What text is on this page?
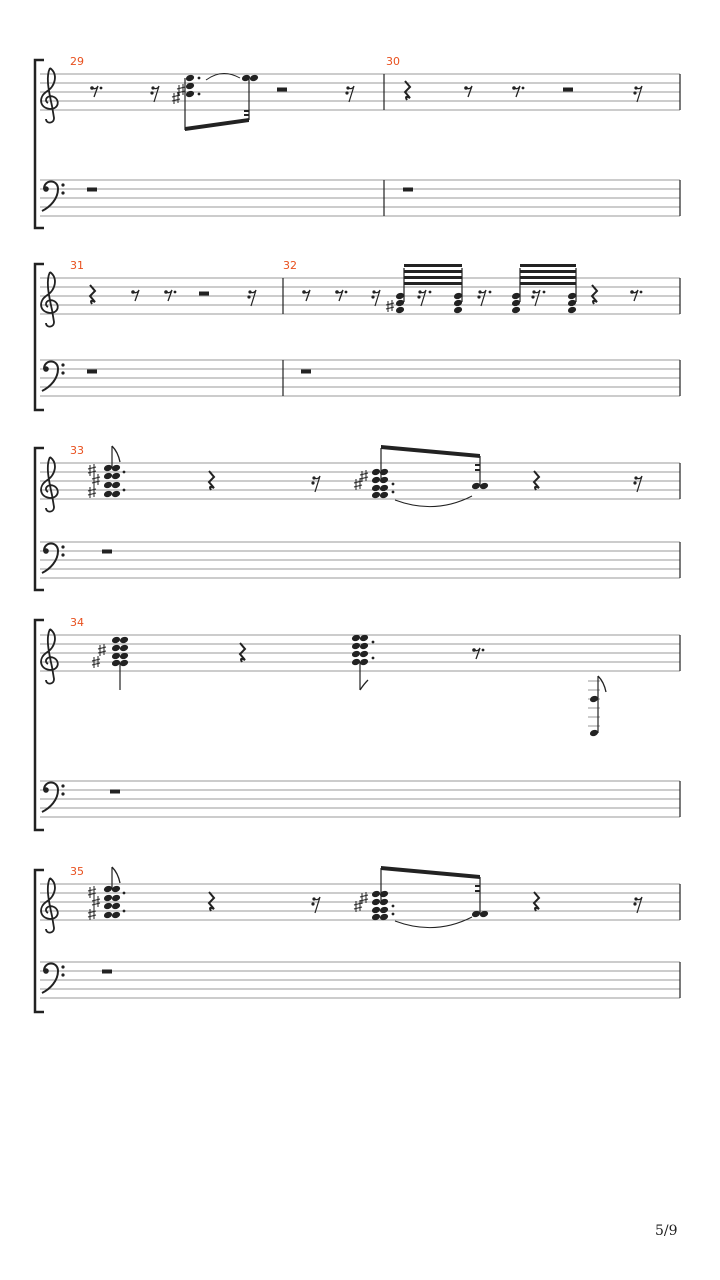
29	30
31	32
33
34
35
5/9
